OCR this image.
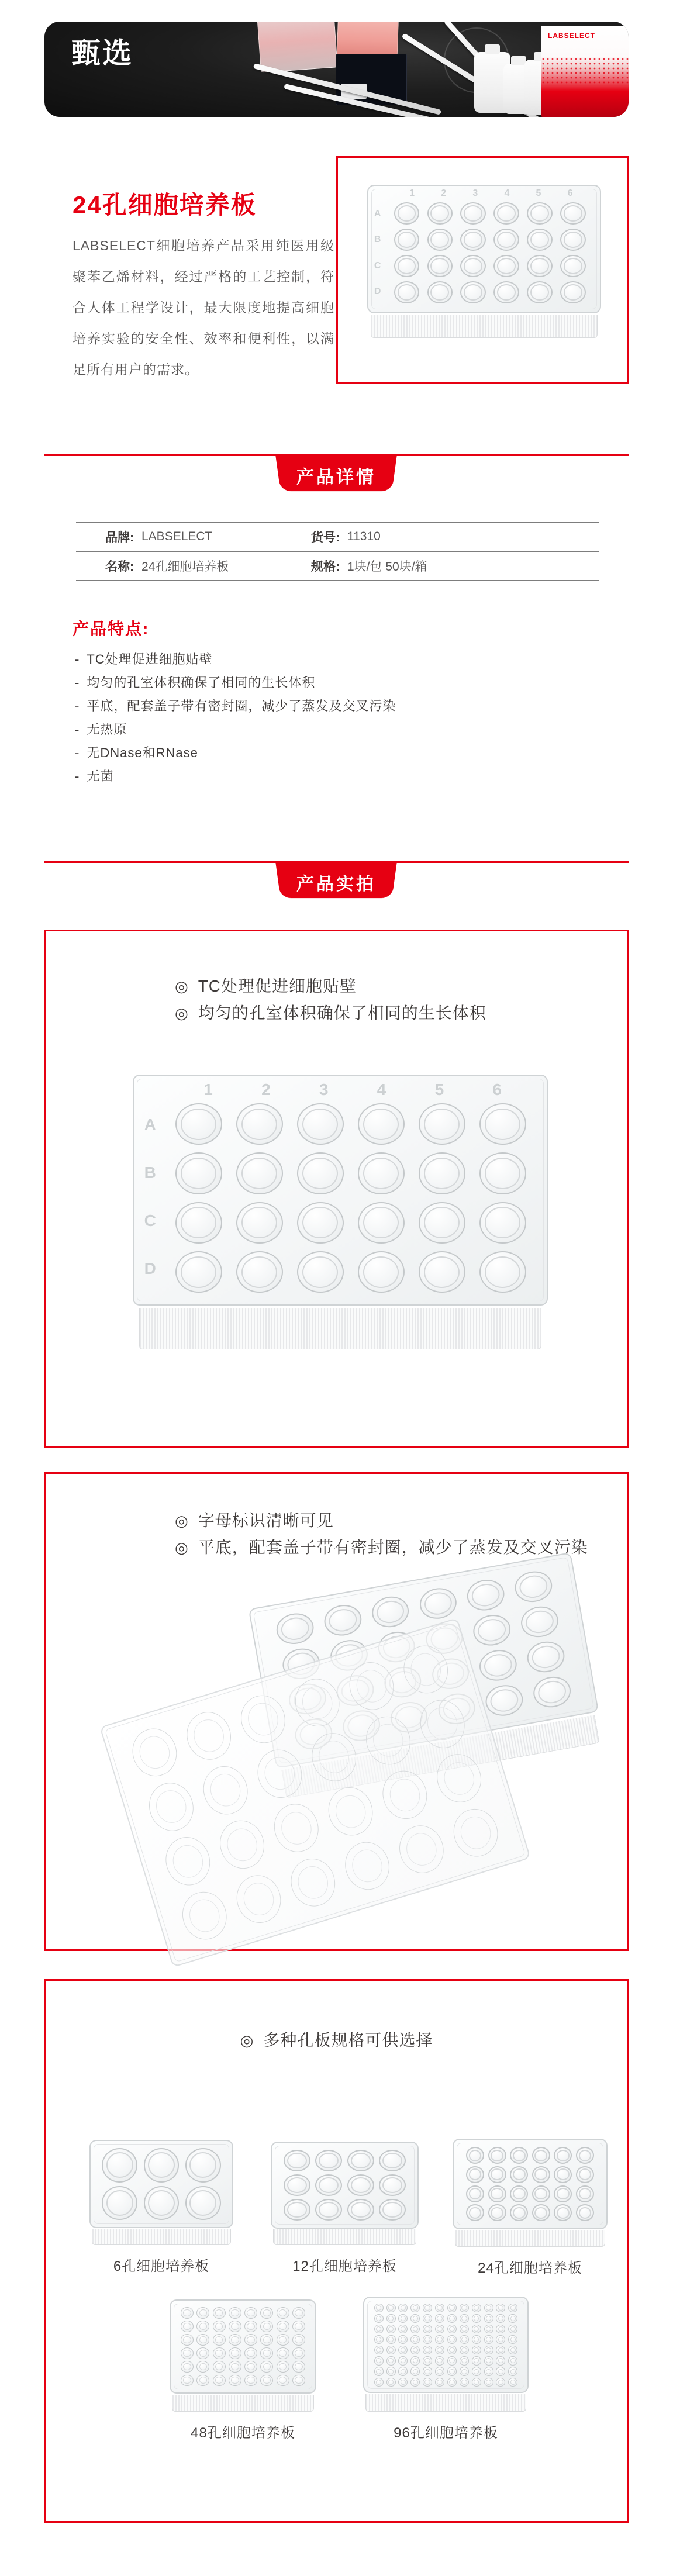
甄选
LABSELECT
24孔细胞培养板

LABSELECT细胞培养产品采用纯医用级聚苯乙烯材料，经过严格的工艺控制，符合人体工程学设计，最大限度地提高细胞培养实验的安全性、效率和便利性，以满足所有用户的需求。

1	2	3	4	5	6
A
B
C
D
产品详情
品牌: LABSELECT	货号: 11310
名称: 24孔细胞培养板	规格: 1块/包 50块/箱
产品特点:
- TC处理促进细胞贴壁
- 均匀的孔室体积确保了相同的生长体积
- 平底，配套盖子带有密封圈，减少了蒸发及交叉污染
- 无热原
- 无DNase和RNase
- 无菌
产品实拍
◎ TC处理促进细胞贴壁
◎ 均匀的孔室体积确保了相同的生长体积
1	2	3	4	5	6
A
B
C
D
◎ 字母标识清晰可见
◎ 平底，配套盖子带有密封圈，减少了蒸发及交叉污染
◎ 多种孔板规格可供选择
6孔细胞培养板	12孔细胞培养板	24孔细胞培养板
48孔细胞培养板	96孔细胞培养板
